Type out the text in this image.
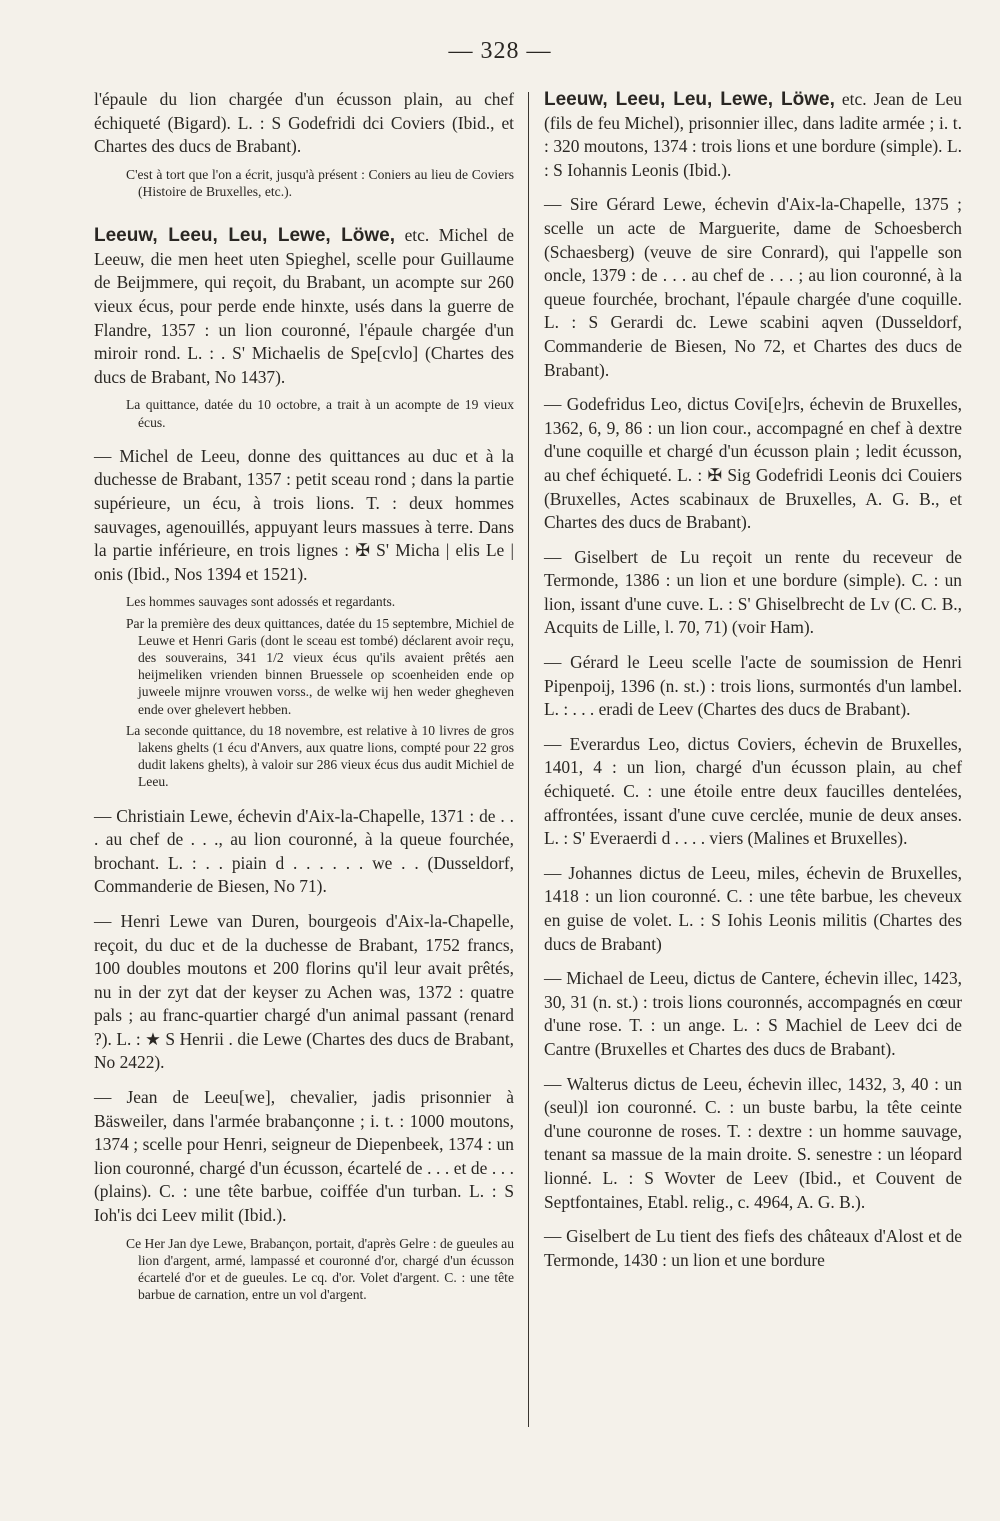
— 328 —

l'épaule du lion chargée d'un écusson plain, au chef échiqueté (Bigard). L. : S Godefridi dci Coviers (Ibid., et Chartes des ducs de Brabant).

C'est à tort que l'on a écrit, jusqu'à présent : Coniers au lieu de Coviers (Histoire de Bruxelles, etc.).

Leeuw, Leeu, Leu, Lewe, Löwe, etc. Michel de Leeuw, die men heet uten Spieghel, scelle pour Guillaume de Beijmmere, qui reçoit, du Brabant, un acompte sur 260 vieux écus, pour perde ende hinxte, usés dans la guerre de Flandre, 1357 : un lion couronné, l'épaule chargée d'un miroir rond. L. : . S' Michaelis de Spe[cvlo] (Chartes des ducs de Brabant, No 1437).

La quittance, datée du 10 octobre, a trait à un acompte de 19 vieux écus.

— Michel de Leeu, donne des quittances au duc et à la duchesse de Brabant, 1357 : petit sceau rond ; dans la partie supérieure, un écu, à trois lions. T. : deux hommes sauvages, agenouillés, appuyant leurs massues à terre. Dans la partie inférieure, en trois lignes : ✠ S' Micha | elis Le | onis (Ibid., Nos 1394 et 1521).

Les hommes sauvages sont adossés et regardants.
Par la première des deux quittances, datée du 15 septembre, Michiel de Leuwe et Henri Garis (dont le sceau est tombé) déclarent avoir reçu, des souverains, 341 1/2 vieux écus qu'ils avaient prêtés aen heijmeliken vrienden binnen Bruessele op scoenheiden ende op juweele mijnre vrouwen vorss., de welke wij hen weder gheghevеn ende over ghelevert hebben.
La seconde quittance, du 18 novembre, est relative à 10 livres de gros lakens ghelts (1 écu d'Anvers, aux quatre lions, compté pour 22 gros dudit lakens ghelts), à valoir sur 286 vieux écus dus audit Michiel de Leeu.

— Christiain Lewe, échevin d'Aix-la-Chapelle, 1371 : de . . . au chef de . . ., au lion couronné, à la queue fourchée, brochant. L. : . . piain d . . . . . . we . . (Dusseldorf, Commanderie de Biesen, No 71).

— Henri Lewe van Duren, bourgeois d'Aix-la-Chapelle, reçoit, du duc et de la duchesse de Brabant, 1752 francs, 100 doubles moutons et 200 florins qu'il leur avait prêtés, nu in der zyt dat der keyser zu Achen was, 1372 : quatre pals ; au franc-quartier chargé d'un animal passant (renard ?). L. : ★ S Henrii . die Lewe (Chartes des ducs de Brabant, No 2422).

— Jean de Leeu[we], chevalier, jadis prisonnier à Bäsweiler, dans l'armée brabançonne ; i. t. : 1000 moutons, 1374 ; scelle pour Henri, seigneur de Diepenbeek, 1374 : un lion couronné, chargé d'un écusson, écartelé de . . . et de . . . (plains). C. : une tête barbue, coiffée d'un turban. L. : S Ioh'is dci Leev milit (Ibid.).

Ce Her Jan dye Lewe, Brabançon, portait, d'après Gelre : de gueules au lion d'argent, armé, lampassé et couronné d'or, chargé d'un écusson écartelé d'or et de gueules. Le cq. d'or. Volet d'argent. C. : une tête barbue de carnation, entre un vol d'argent.

Leeuw, Leeu, Leu, Lewe, Löwe, etc. Jean de Leu (fils de feu Michel), prisonnier illec, dans ladite armée ; i. t. : 320 moutons, 1374 : trois lions et une bordure (simple). L. : S Iohannis Leonis (Ibid.).

— Sire Gérard Lewe, échevin d'Aix-la-Chapelle, 1375 ; scelle un acte de Marguerite, dame de Schoesberch (Schaesberg) (veuve de sire Conrard), qui l'appelle son oncle, 1379 : de . . . au chef de . . . ; au lion couronné, à la queue fourchée, brochant, l'épaule chargée d'une coquille. L. : S Gerardi dc. Lewe scabini aqven (Dusseldorf, Commanderie de Biesen, No 72, et Chartes des ducs de Brabant).

— Godefridus Leo, dictus Covi[e]rs, échevin de Bruxelles, 1362, 6, 9, 86 : un lion cour., accompagné en chef à dextre d'une coquille et chargé d'un écusson plain ; ledit écusson, au chef échiqueté. L. : ✠ Sig Godefridi Leonis dci Couiers (Bruxelles, Actes scabinaux de Bruxelles, A. G. B., et Chartes des ducs de Brabant).

— Giselbert de Lu reçoit un rente du receveur de Termonde, 1386 : un lion et une bordure (simple). C. : un lion, issant d'une cuve. L. : S' Ghiselbrecht de Lv (C. C. B., Acquits de Lille, l. 70, 71) (voir Ham).

— Gérard le Leeu scelle l'acte de soumission de Henri Pipenpoij, 1396 (n. st.) : trois lions, surmontés d'un lambel. L. : . . . eradi de Leev (Chartes des ducs de Brabant).

— Everardus Leo, dictus Coviers, échevin de Bruxelles, 1401, 4 : un lion, chargé d'un écusson plain, au chef échiqueté. C. : une étoile entre deux faucilles dentelées, affrontées, issant d'une cuve cerclée, munie de deux anses. L. : S' Everaerdi d . . . . viers (Malines et Bruxelles).

— Johannes dictus de Leeu, miles, échevin de Bruxelles, 1418 : un lion couronné. C. : une tête barbue, les cheveux en guise de volet. L. : S Iohis Leonis militis (Chartes des ducs de Brabant)

— Michael de Leeu, dictus de Cantere, échevin illec, 1423, 30, 31 (n. st.) : trois lions couronnés, accompagnés en cœur d'une rose. T. : un ange. L. : S Machiel de Leev dci de Cantre (Bruxelles et Chartes des ducs de Brabant).

— Walterus dictus de Leeu, échevin illec, 1432, 3, 40 : un (seul)l ion couronné. C. : un buste barbu, la tête ceinte d'une couronne de roses. T. : dextre : un homme sauvage, tenant sa massue de la main droite. S. senestre : un léopard lionné. L. : S Wovter de Leev (Ibid., et Couvent de Septfontaines, Etabl. relig., c. 4964, A. G. B.).

— Giselbert de Lu tient des fiefs des châteaux d'Alost et de Termonde, 1430 : un lion et une bordure
